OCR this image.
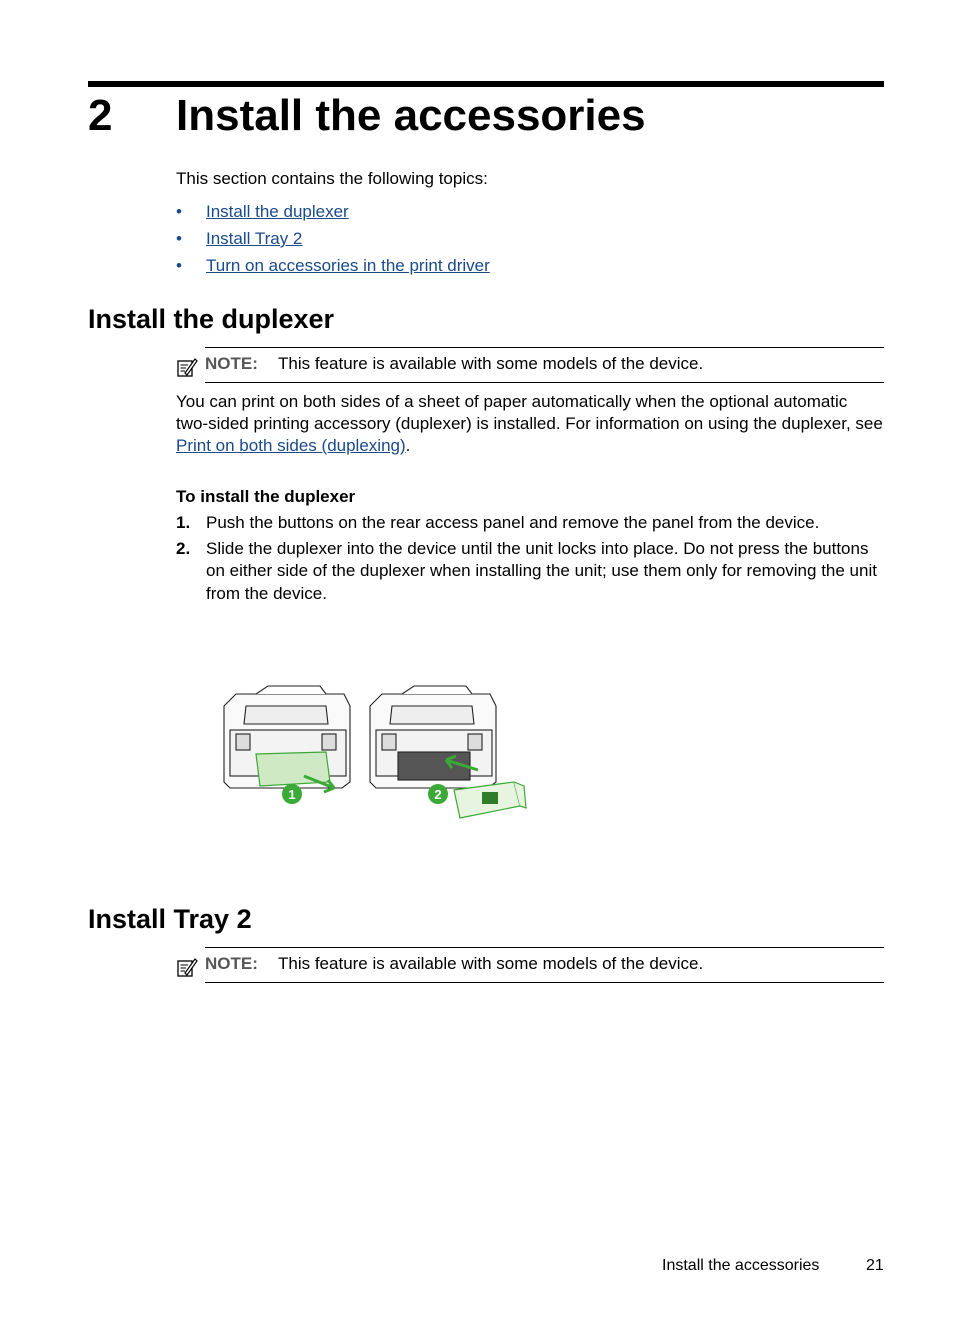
2 Install the accessories
This section contains the following topics:
• Install the duplexer
• Install Tray 2
• Turn on accessories in the print driver
Install the duplexer
NOTE: This feature is available with some models of the device.
You can print on both sides of a sheet of paper automatically when the optional automatic two-sided printing accessory (duplexer) is installed. For information on using the duplexer, see Print on both sides (duplexing).
To install the duplexer
1. Push the buttons on the rear access panel and remove the panel from the device.
2. Slide the duplexer into the device until the unit locks into place. Do not press the buttons on either side of the duplexer when installing the unit; use them only for removing the unit from the device.
1	2
Install Tray 2
NOTE: This feature is available with some models of the device.
Install the accessories	21
